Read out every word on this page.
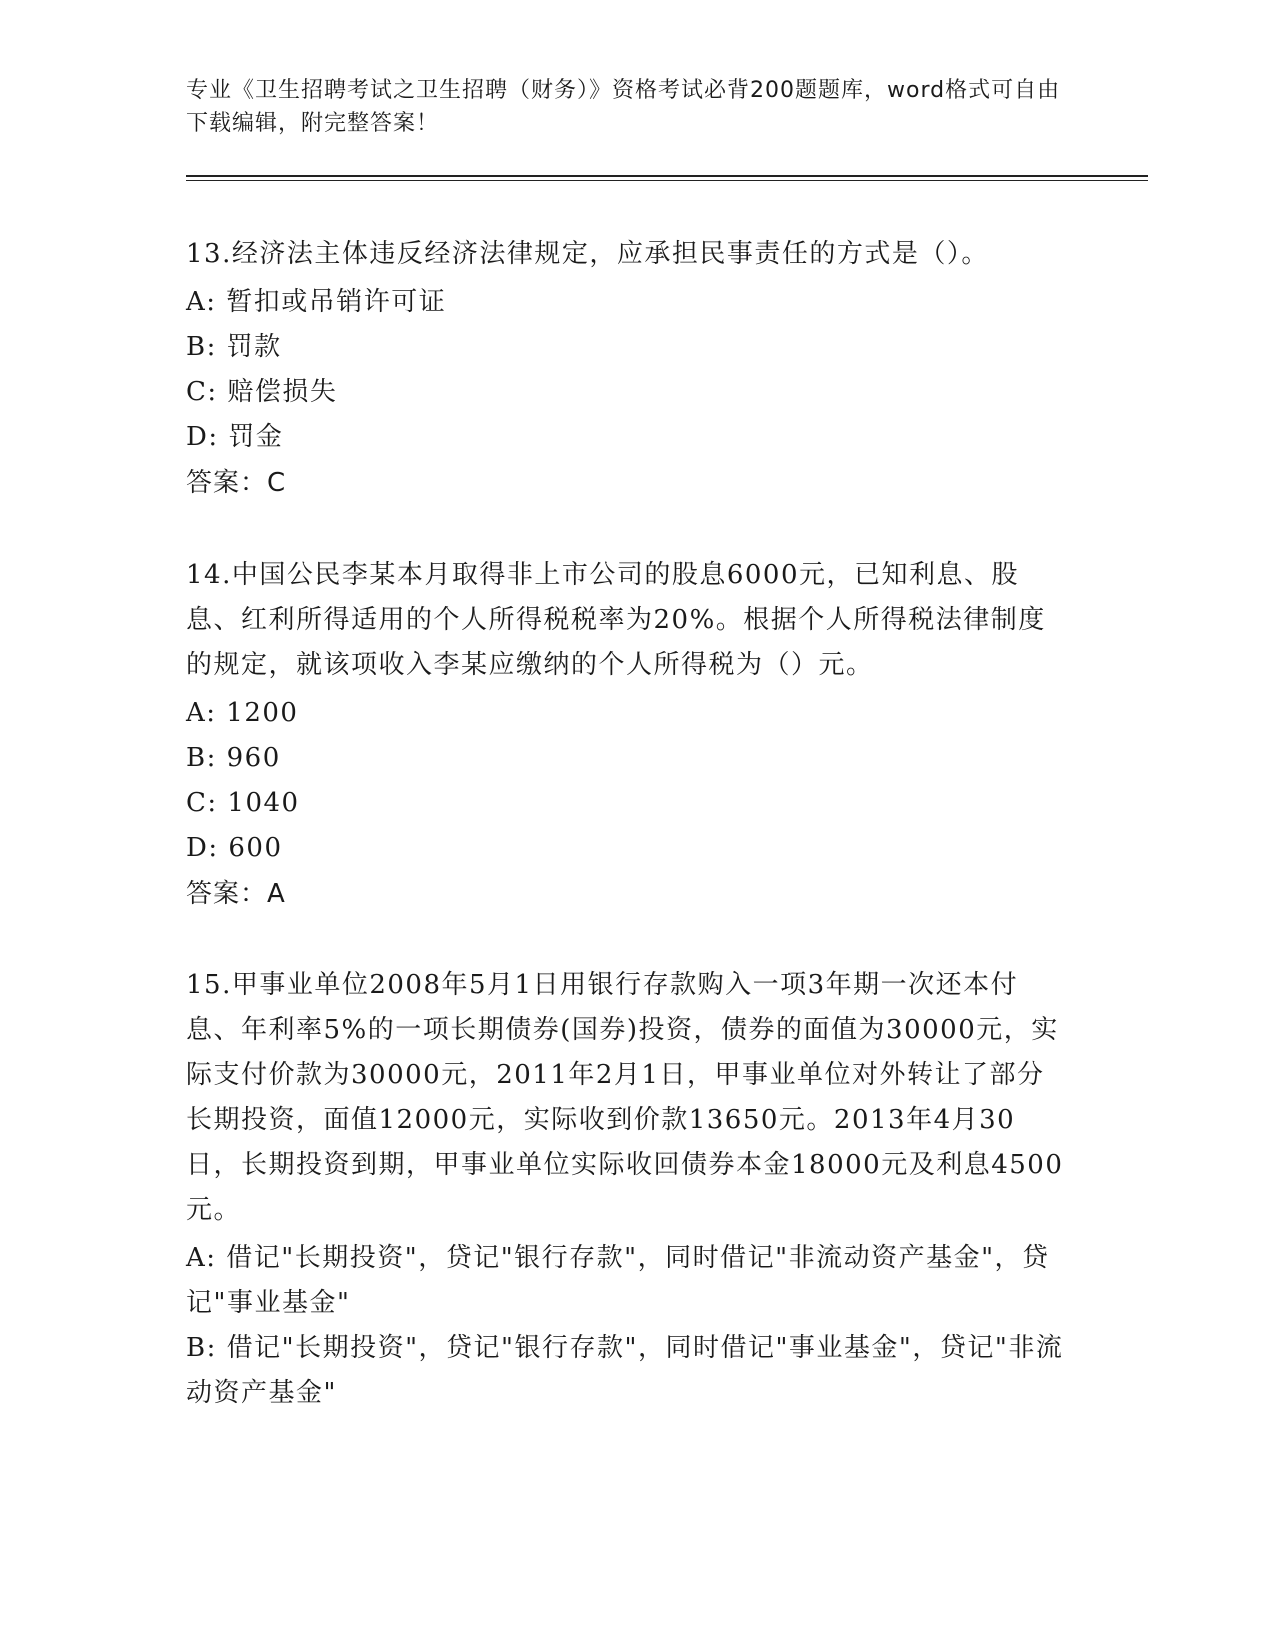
专业《卫生招聘考试之卫生招聘（财务）》资格考试必背200题题库，word格式可自由下载编辑，附完整答案！

13.经济法主体违反经济法律规定，应承担民事责任的方式是（）。

A: 暂扣或吊销许可证

B: 罚款

C: 赔偿损失

D: 罚金

答案：C

14.中国公民李某本月取得非上市公司的股息6000元，已知利息、股息、红利所得适用的个人所得税税率为20%。根据个人所得税法律制度的规定，就该项收入李某应缴纳的个人所得税为（）元。

A: 1200

B: 960

C: 1040

D: 600

答案：A

15.甲事业单位2008年5月1日用银行存款购入一项3年期一次还本付息、年利率5%的一项长期债券(国券)投资，债券的面值为30000元，实际支付价款为30000元，2011年2月1日，甲事业单位对外转让了部分长期投资，面值12000元，实际收到价款13650元。2013年4月30日，长期投资到期，甲事业单位实际收回债券本金18000元及利息4500元。

A: 借记"长期投资"，贷记"银行存款"，同时借记"非流动资产基金"，贷记"事业基金"

B: 借记"长期投资"，贷记"银行存款"，同时借记"事业基金"，贷记"非流动资产基金"
